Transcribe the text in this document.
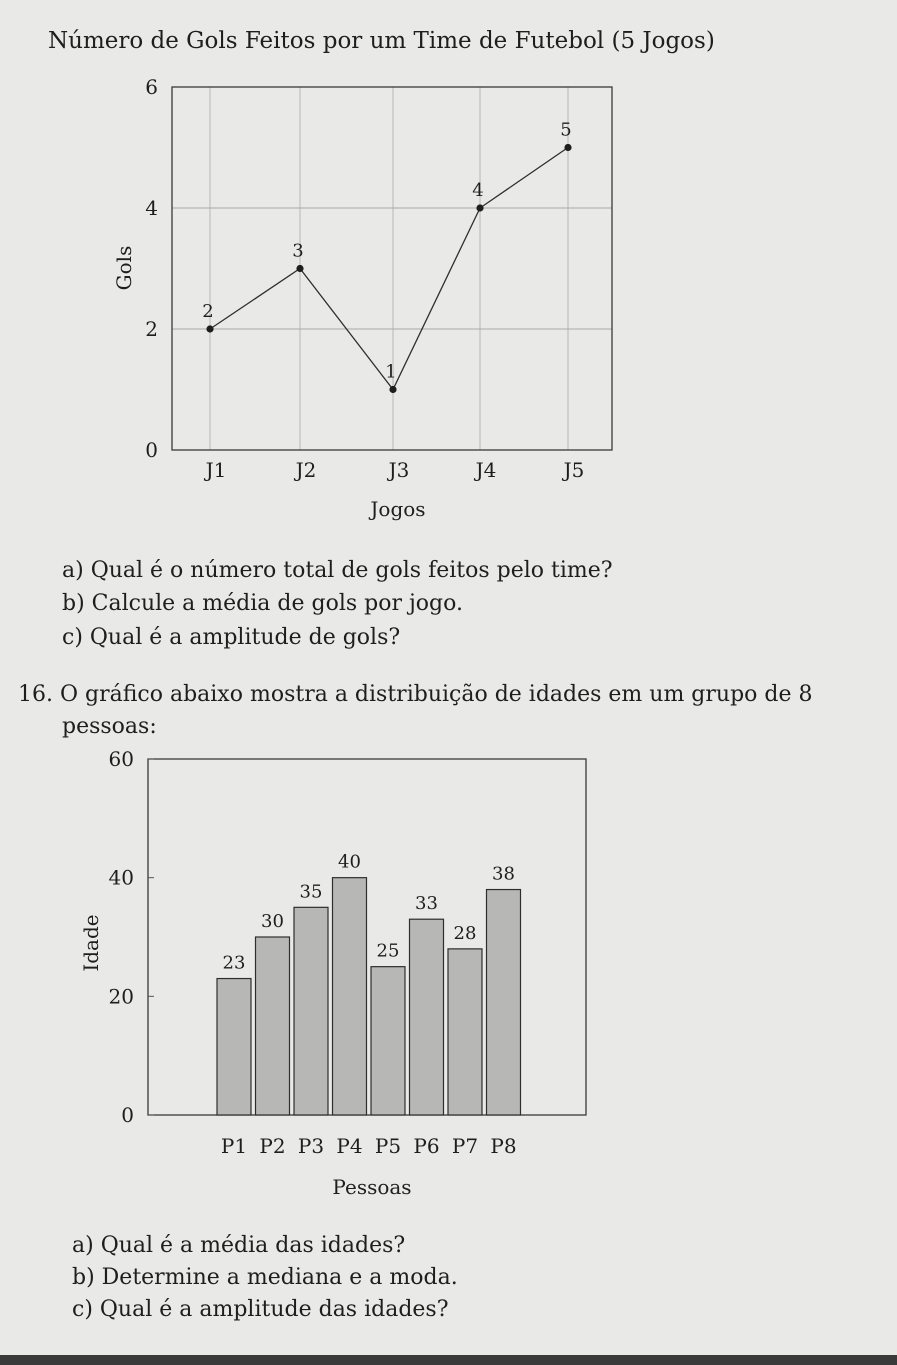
Número de Gols Feitos por um Time de Futebol (5 Jogos)
0
2
4
6
J1	J2	J3	J4	J5
Jogos
Gols
2
3
1
4
5
a) Qual é o número total de gols feitos pelo time?
b) Calcule a média de gols por jogo.
c) Qual é a amplitude de gols?
16. O gráfico abaixo mostra a distribuição de idades em um grupo de 8
pessoas:
0
20
40
60
23
P1
30
P2
35
P3
40
P4
25
P5
33
P6
28
P7
38
P8
Pessoas
Idade
a) Qual é a média das idades?
b) Determine a mediana e a moda.
c) Qual é a amplitude das idades?
